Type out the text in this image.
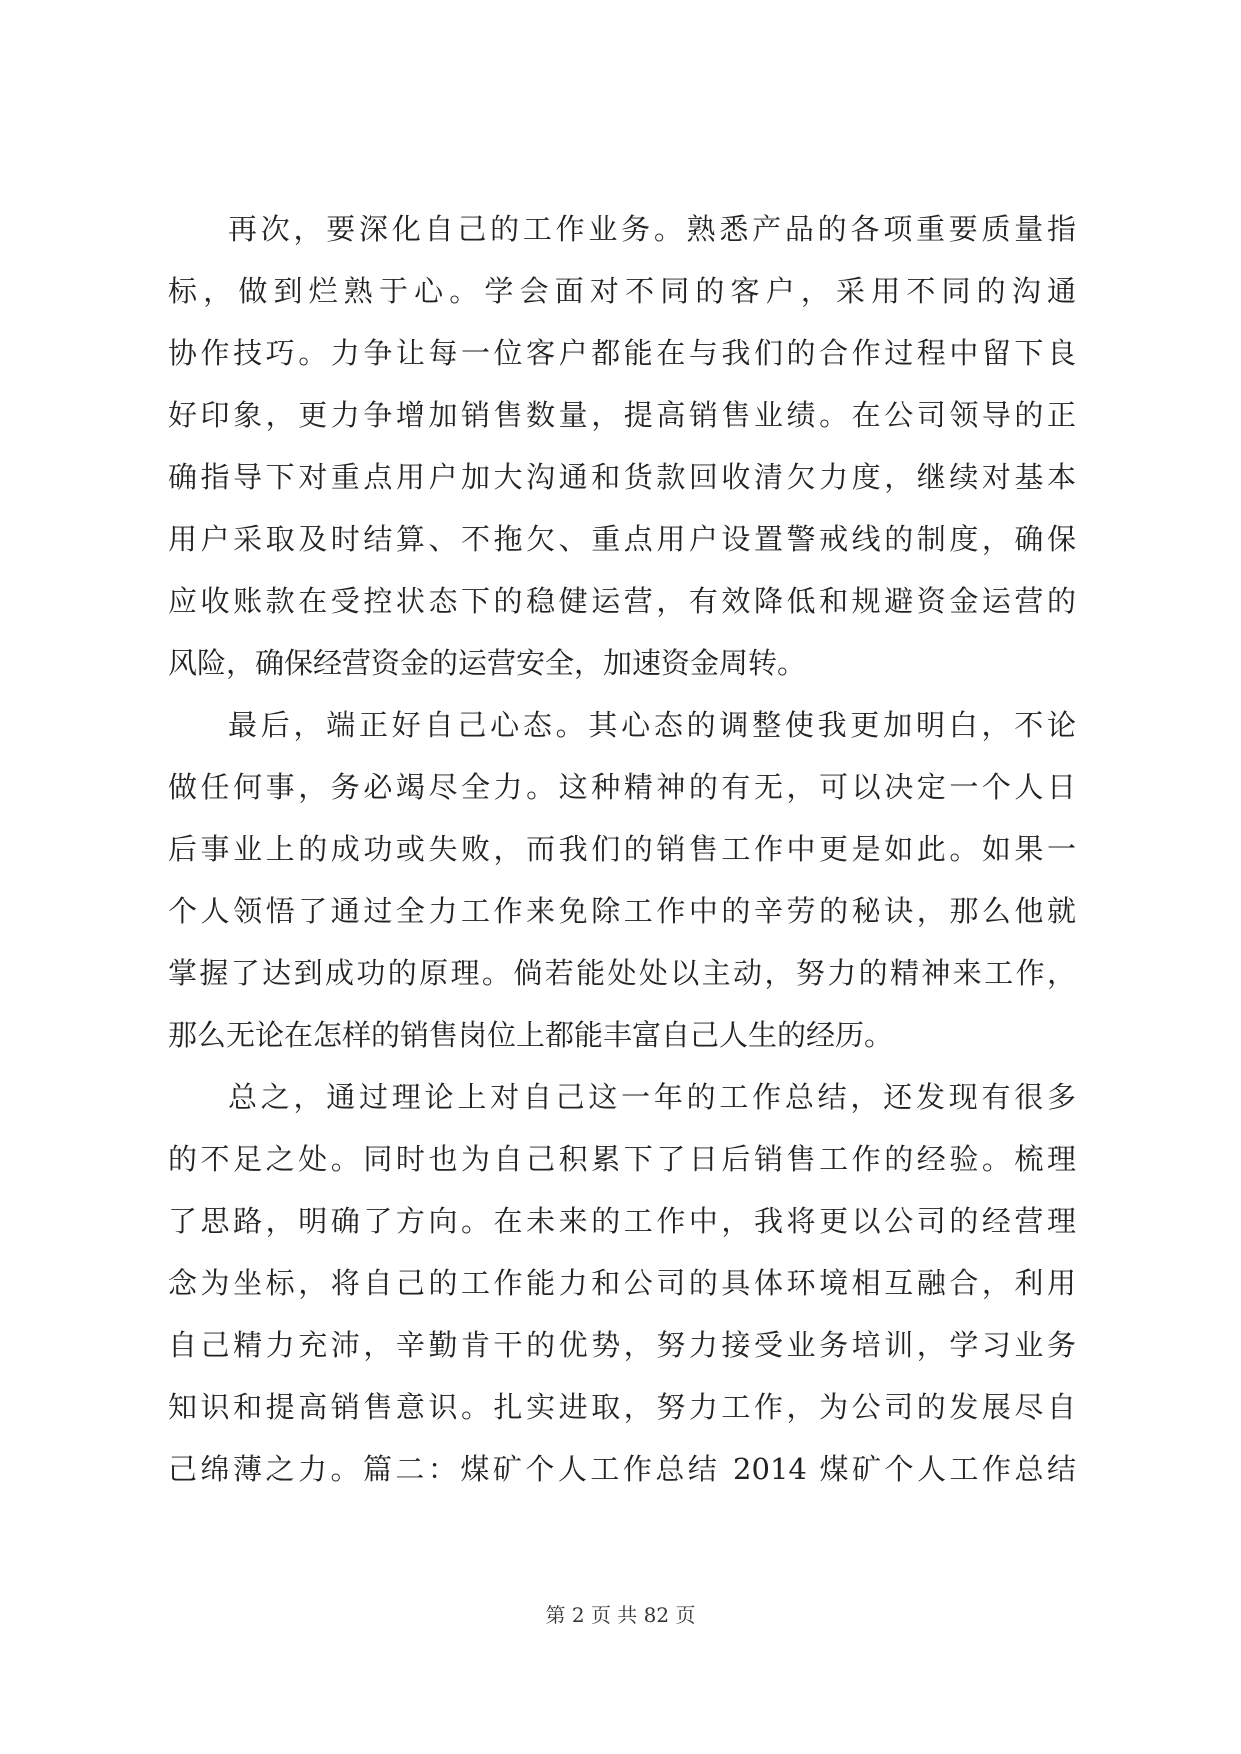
再次，要深化自己的工作业务。熟悉产品的各项重要质量指
标，做到烂熟于心。学会面对不同的客户，采用不同的沟通
协作技巧。力争让每一位客户都能在与我们的合作过程中留下良
好印象，更力争增加销售数量，提高销售业绩。在公司领导的正
确指导下对重点用户加大沟通和货款回收清欠力度，继续对基本
用户采取及时结算、不拖欠、重点用户设置警戒线的制度，确保
应收账款在受控状态下的稳健运营，有效降低和规避资金运营的
风险，确保经营资金的运营安全，加速资金周转。
最后，端正好自己心态。其心态的调整使我更加明白，不论
做任何事，务必竭尽全力。这种精神的有无，可以决定一个人日
后事业上的成功或失败，而我们的销售工作中更是如此。如果一
个人领悟了通过全力工作来免除工作中的辛劳的秘诀，那么他就
掌握了达到成功的原理。倘若能处处以主动，努力的精神来工作，
那么无论在怎样的销售岗位上都能丰富自己人生的经历。
总之，通过理论上对自己这一年的工作总结，还发现有很多
的不足之处。同时也为自己积累下了日后销售工作的经验。梳理
了思路，明确了方向。在未来的工作中，我将更以公司的经营理
念为坐标，将自己的工作能力和公司的具体环境相互融合，利用
自己精力充沛，辛勤肯干的优势，努力接受业务培训，学习业务
知识和提高销售意识。扎实进取，努力工作，为公司的发展尽自
己绵薄之力。篇二：煤矿个人工作总结 2014 煤矿个人工作总结
第 2 页 共 82 页
